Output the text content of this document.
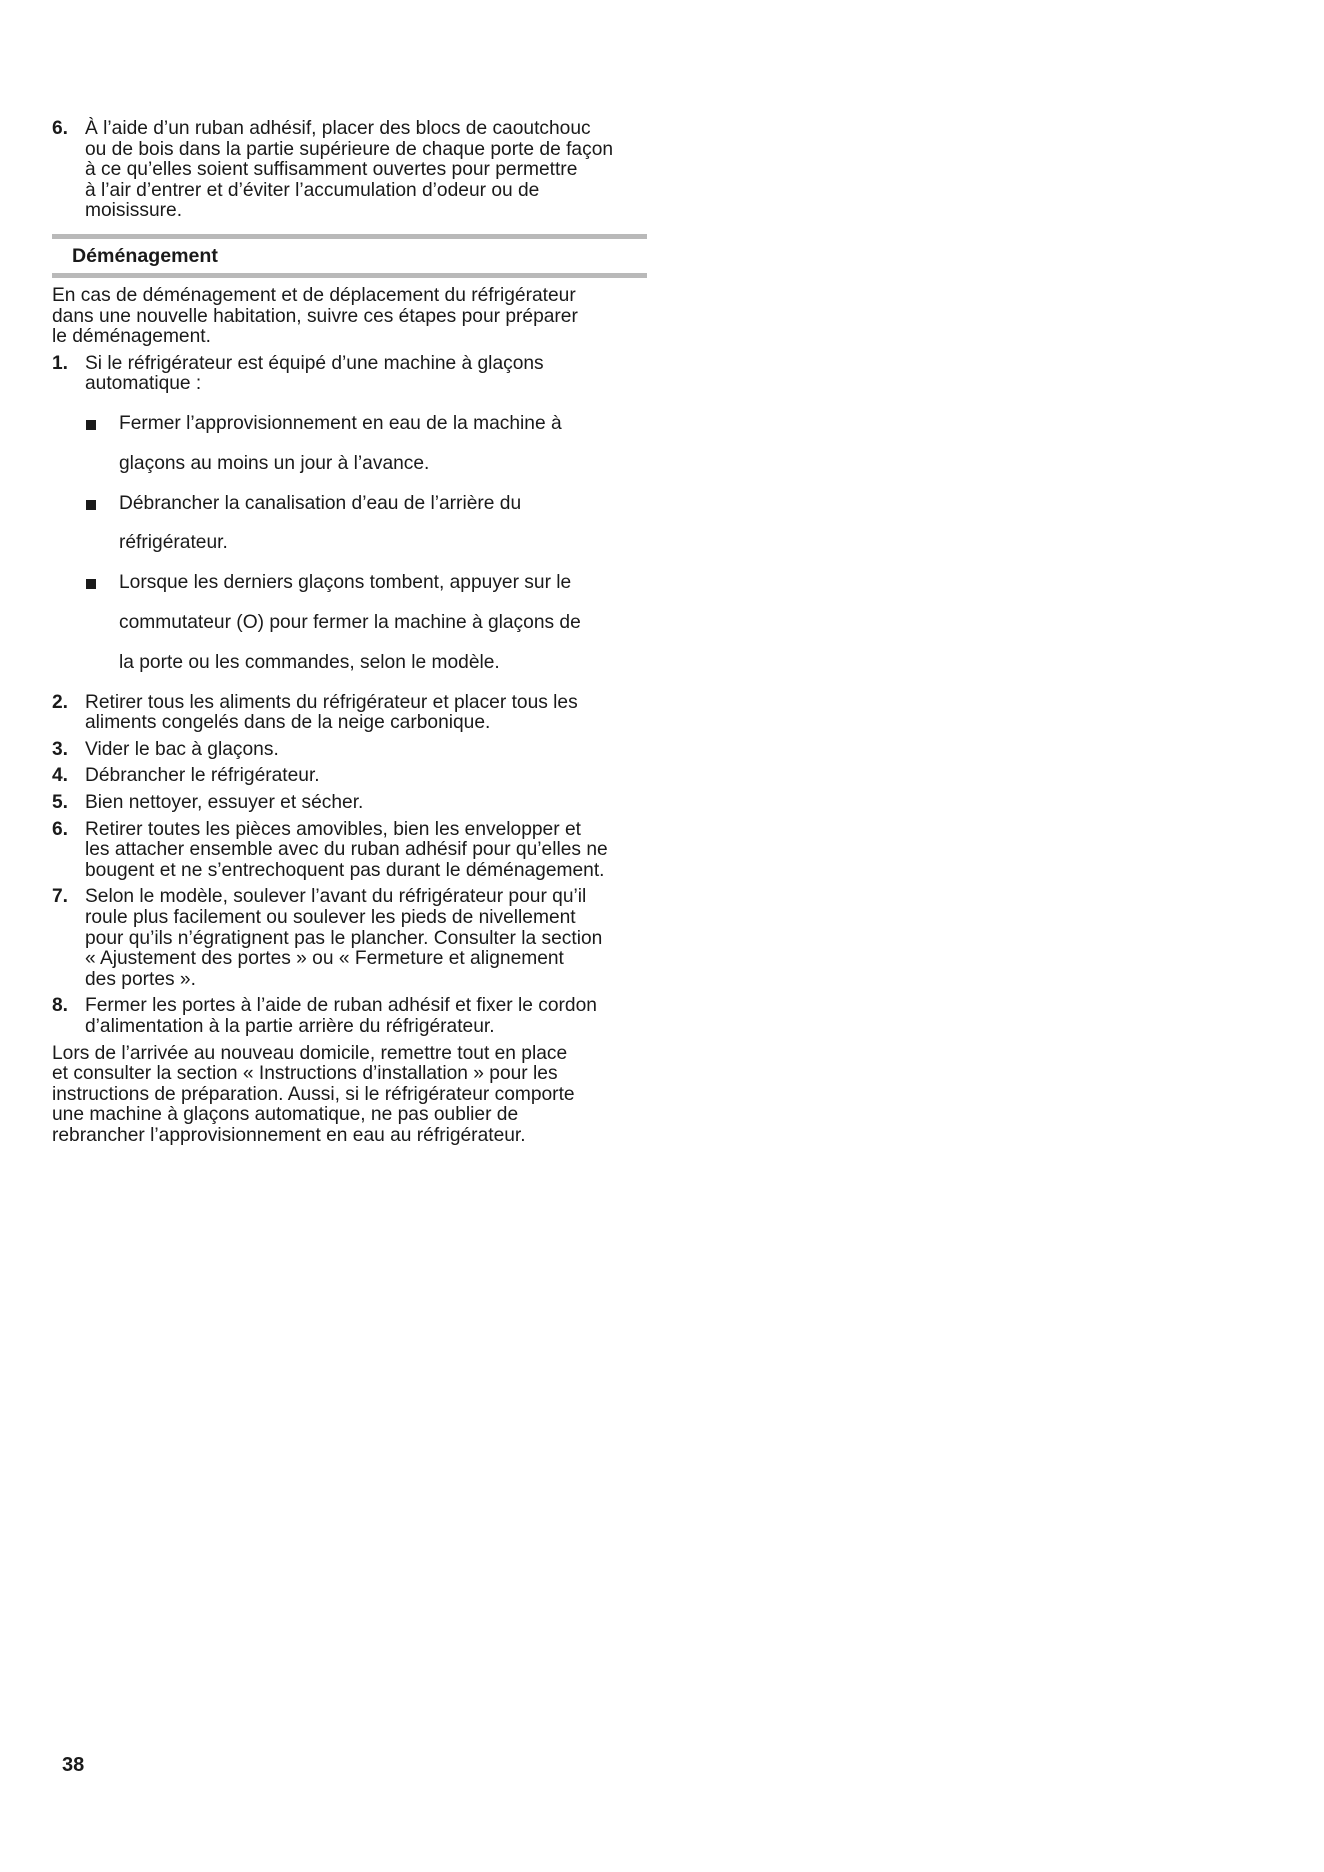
6. À l’aide d’un ruban adhésif, placer des blocs de caoutchouc

ou de bois dans la partie supérieure de chaque porte de façon

à ce qu’elles soient suffisamment ouvertes pour permettre

à l’air d’entrer et d’éviter l’accumulation d’odeur ou de

moisissure.

Déménagement

En cas de déménagement et de déplacement du réfrigérateur

dans une nouvelle habitation, suivre ces étapes pour préparer

le déménagement.

1. Si le réfrigérateur est équipé d’une machine à glaçons

automatique :

Fermer l’approvisionnement en eau de la machine à

glaçons au moins un jour à l’avance.

Débrancher la canalisation d’eau de l’arrière du

réfrigérateur.

Lorsque les derniers glaçons tombent, appuyer sur le

commutateur (O) pour fermer la machine à glaçons de

la porte ou les commandes, selon le modèle.

2. Retirer tous les aliments du réfrigérateur et placer tous les

aliments congelés dans de la neige carbonique.

3. Vider le bac à glaçons.

4. Débrancher le réfrigérateur.

5. Bien nettoyer, essuyer et sécher.

6. Retirer toutes les pièces amovibles, bien les envelopper et

les attacher ensemble avec du ruban adhésif pour qu’elles ne

bougent et ne s’entrechoquent pas durant le déménagement.

7. Selon le modèle, soulever l’avant du réfrigérateur pour qu’il

roule plus facilement ou soulever les pieds de nivellement

pour qu’ils n’égratignent pas le plancher. Consulter la section

« Ajustement des portes » ou « Fermeture et alignement

des portes ».

8. Fermer les portes à l’aide de ruban adhésif et fixer le cordon

d’alimentation à la partie arrière du réfrigérateur.

Lors de l’arrivée au nouveau domicile, remettre tout en place

et consulter la section « Instructions d’installation » pour les

instructions de préparation. Aussi, si le réfrigérateur comporte

une machine à glaçons automatique, ne pas oublier de

rebrancher l’approvisionnement en eau au réfrigérateur.

38
